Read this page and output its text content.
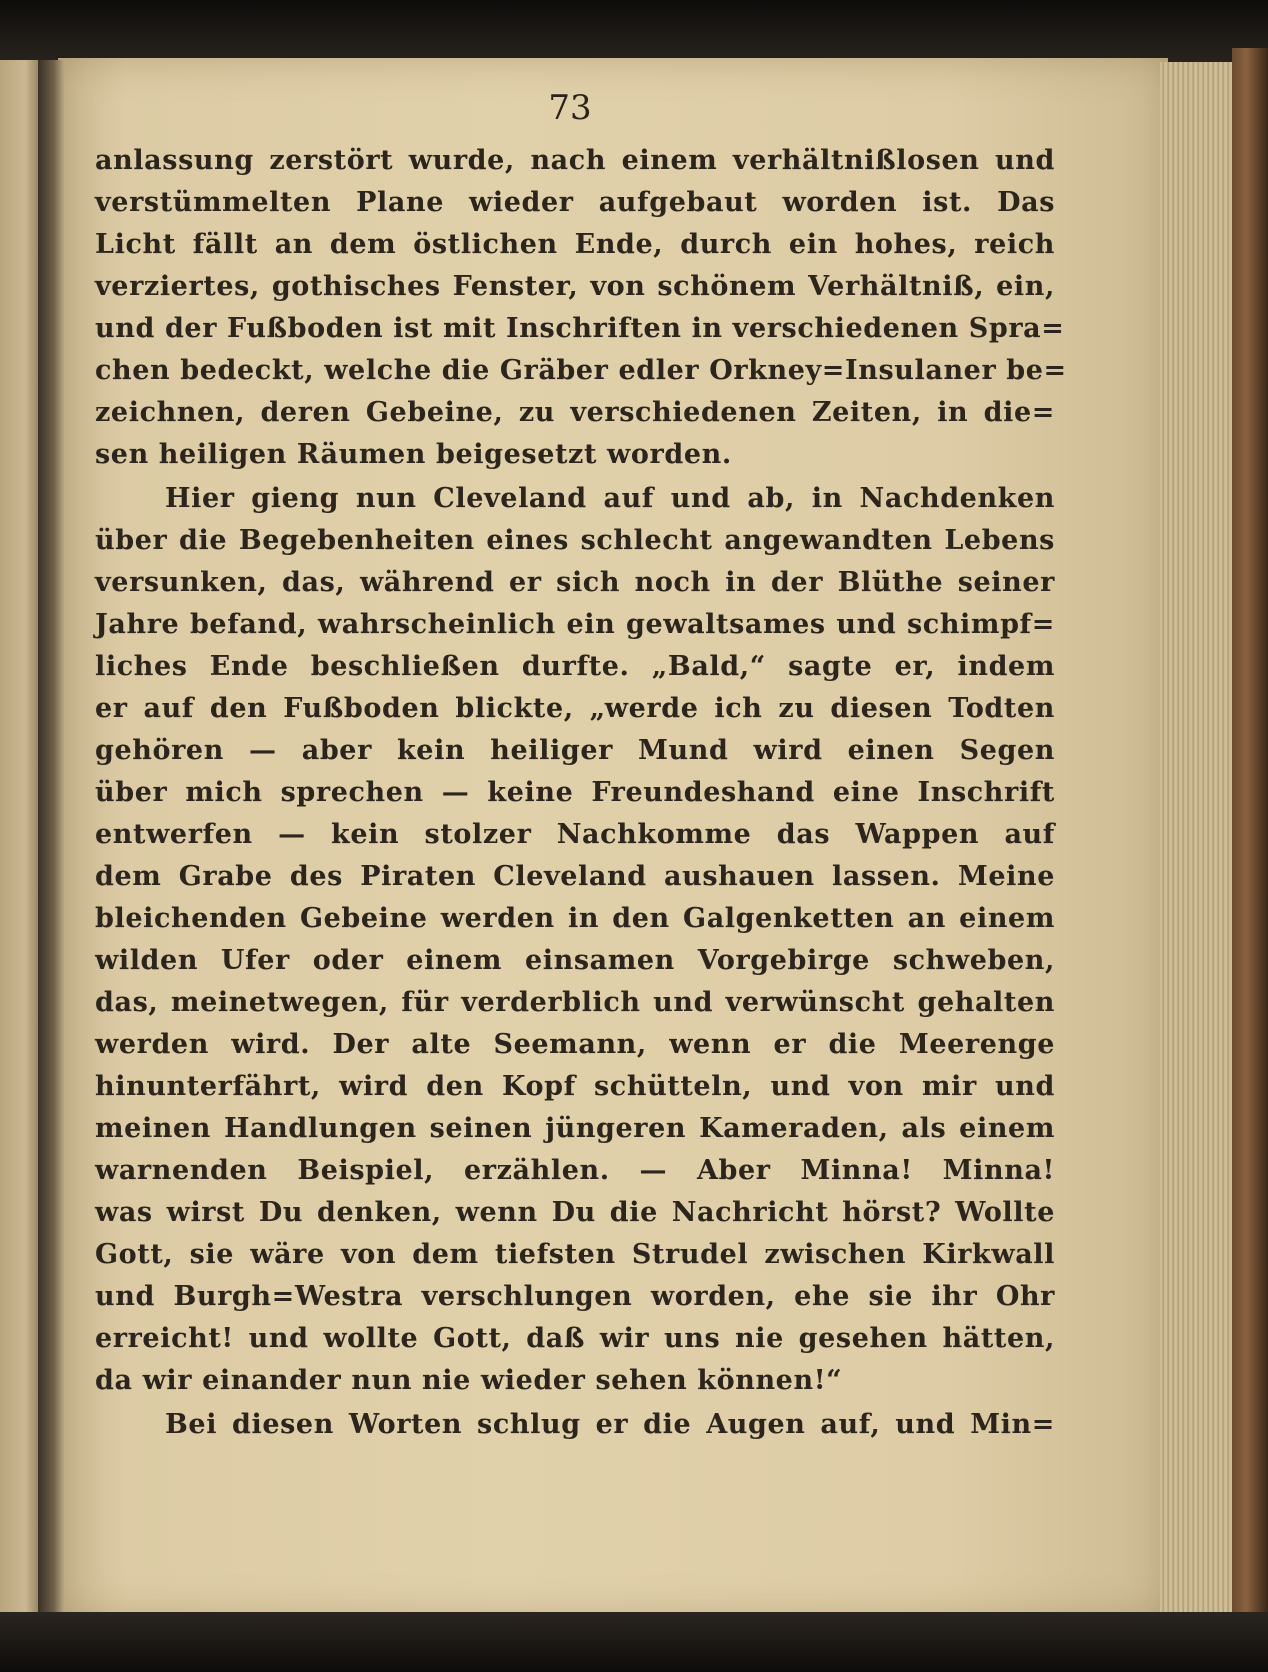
73
anlassung zerstört wurde, nach einem verhältnißlosen und
verstümmelten Plane wieder aufgebaut worden ist. Das
Licht fällt an dem östlichen Ende, durch ein hohes, reich
verziertes, gothisches Fenster, von schönem Verhältniß, ein,
und der Fußboden ist mit Inschriften in verschiedenen Spra=
chen bedeckt, welche die Gräber edler Orkney=Insulaner be=
zeichnen, deren Gebeine, zu verschiedenen Zeiten, in die=
sen heiligen Räumen beigesetzt worden.
Hier gieng nun Cleveland auf und ab, in Nachdenken
über die Begebenheiten eines schlecht angewandten Lebens
versunken, das, während er sich noch in der Blüthe seiner
Jahre befand, wahrscheinlich ein gewaltsames und schimpf=
liches Ende beschließen durfte. „Bald,“ sagte er, indem
er auf den Fußboden blickte, „werde ich zu diesen Todten
gehören — aber kein heiliger Mund wird einen Segen
über mich sprechen — keine Freundeshand eine Inschrift
entwerfen — kein stolzer Nachkomme das Wappen auf
dem Grabe des Piraten Cleveland aushauen lassen. Meine
bleichenden Gebeine werden in den Galgenketten an einem
wilden Ufer oder einem einsamen Vorgebirge schweben,
das, meinetwegen, für verderblich und verwünscht gehalten
werden wird. Der alte Seemann, wenn er die Meerenge
hinunterfährt, wird den Kopf schütteln, und von mir und
meinen Handlungen seinen jüngeren Kameraden, als einem
warnenden Beispiel, erzählen. — Aber Minna! Minna!
was wirst Du denken, wenn Du die Nachricht hörst? Wollte
Gott, sie wäre von dem tiefsten Strudel zwischen Kirkwall
und Burgh=Westra verschlungen worden, ehe sie ihr Ohr
erreicht! und wollte Gott, daß wir uns nie gesehen hätten,
da wir einander nun nie wieder sehen können!“
Bei diesen Worten schlug er die Augen auf, und Min=
